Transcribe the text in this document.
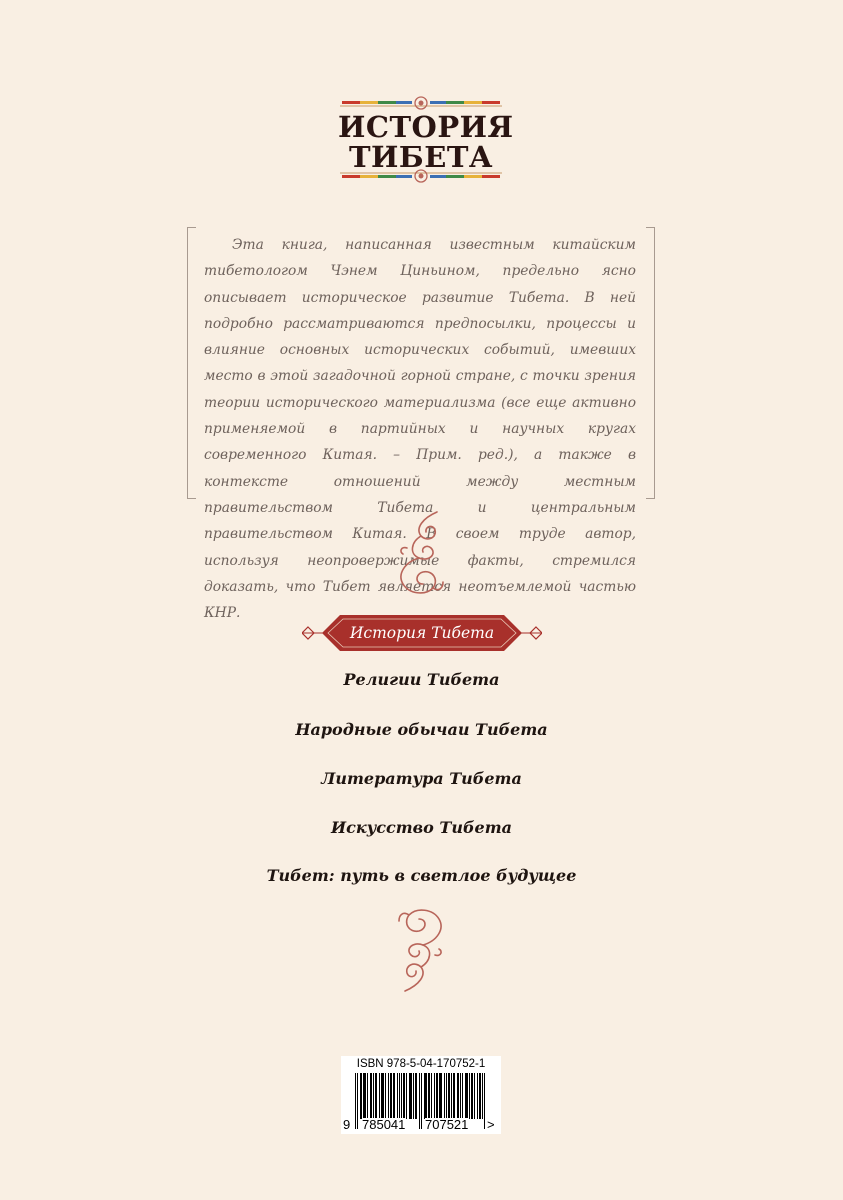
ИСТОРИЯ
ТИБЕТА

Эта книга, написанная известным китайским тибетологом Чэнем Циньином, предельно ясно описывает историческое развитие Тибета. В ней подробно рассматриваются предпосылки, процессы и влияние основных исторических событий, имевших место в этой загадочной горной стране, с точки зрения теории исторического материализма (все еще активно применяемой в партийных и научных кругах современного Китая. – Прим. ред.), а также в контексте отношений между местным правительством Тибета и центральным правительством Китая. В своем труде автор, используя неопровержимые факты, стремился доказать, что Тибет является неотъемлемой частью КНР.

История Тибета
Религии Тибета
Народные обычаи Тибета
Литература Тибета
Искусство Тибета
Тибет: путь в светлое будущее
ISBN 978-5-04-170752-1
9 785041 707521 >
